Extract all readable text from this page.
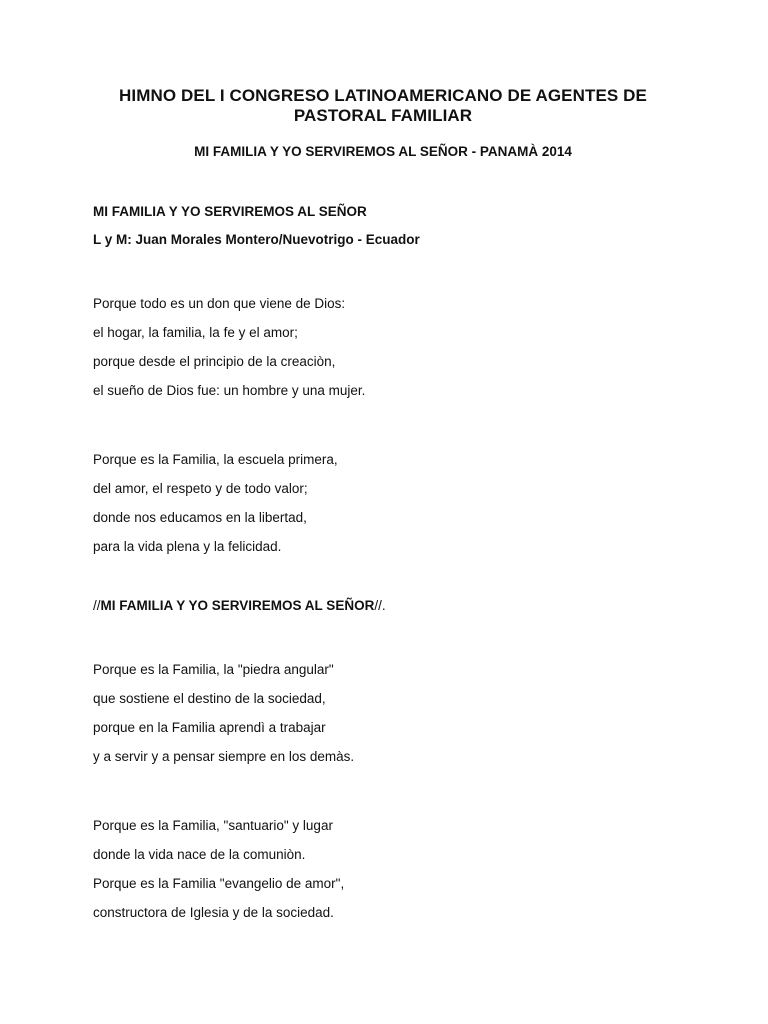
HIMNO DEL I CONGRESO LATINOAMERICANO DE AGENTES DE
PASTORAL FAMILIAR
MI FAMILIA Y YO SERVIREMOS AL SEÑOR - PANAMÀ 2014
MI FAMILIA Y YO SERVIREMOS AL SEÑOR
L y M: Juan Morales Montero/Nuevotrigo - Ecuador
Porque todo es un don que viene de Dios:
el hogar, la familia, la fe y el amor;
porque desde el principio de la creaciòn,
el sueño de Dios fue: un hombre y una mujer.
Porque es la Familia, la escuela primera,
del amor, el respeto y de todo valor;
donde nos educamos en la libertad,
para la vida plena y la felicidad.
//MI FAMILIA Y YO SERVIREMOS AL SEÑOR//.
Porque es la Familia, la "piedra angular"
que sostiene el destino de la sociedad,
porque en la Familia aprendì a trabajar
y a servir y a pensar siempre en los demàs.
Porque es la Familia, "santuario" y lugar
donde la vida nace de la comuniòn.
Porque es la Familia "evangelio de amor",
constructora de Iglesia y de la sociedad.
